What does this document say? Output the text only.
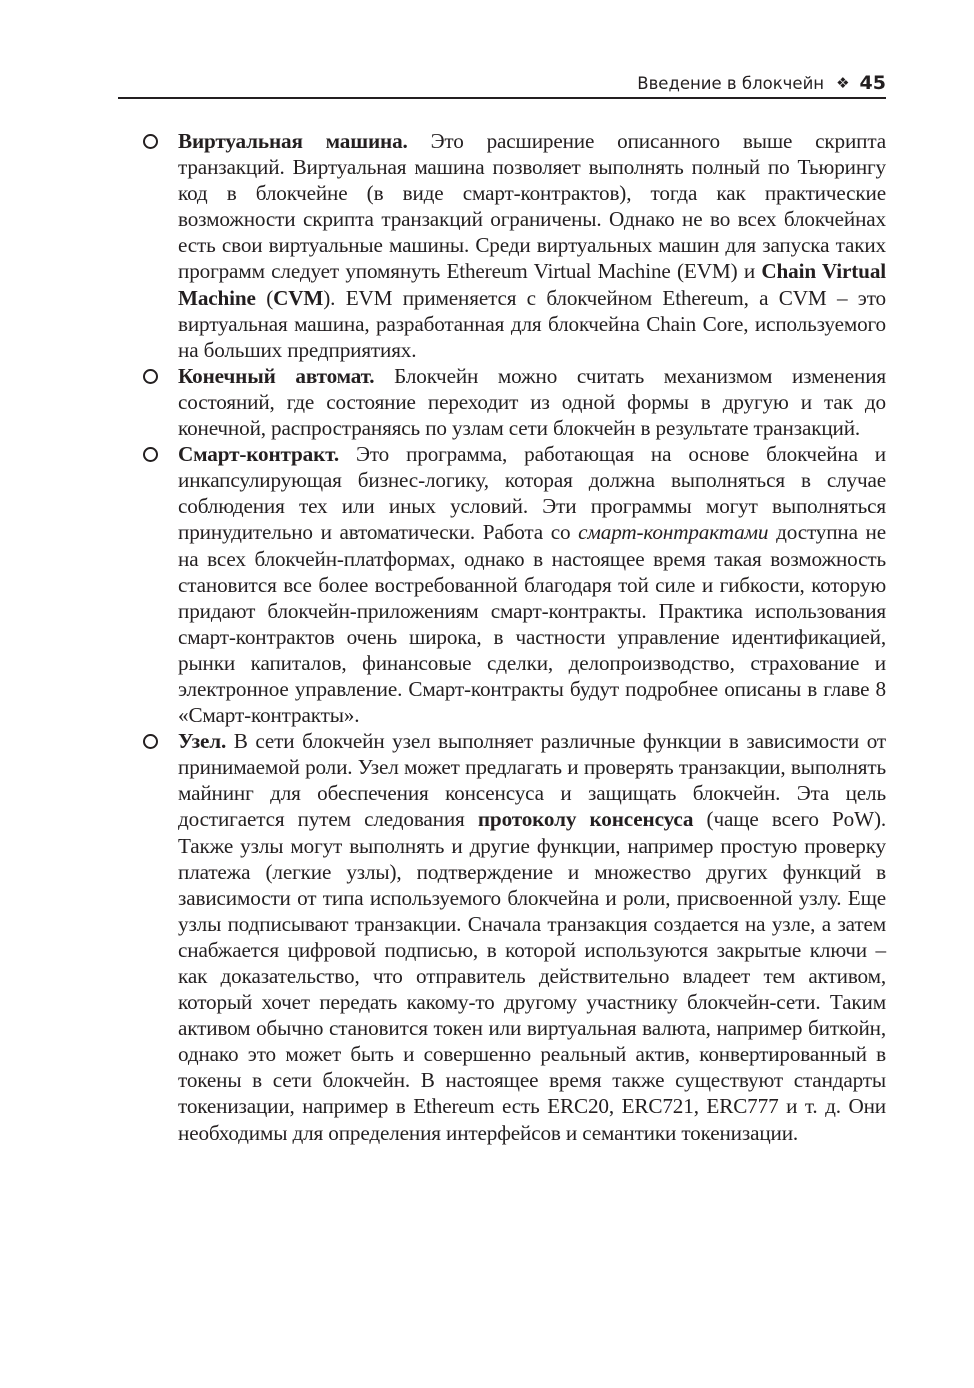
Введение в блокчейн ❖ 45

Виртуальная машина. Это расширение описанного выше скрипта транзакций. Виртуальная машина позволяет выполнять полный по Тьюрингу код в блокчейне (в виде смарт-контрактов), тогда как практические возможности скрипта транзакций ограничены. Однако не во всех блокчейнах есть свои виртуальные машины. Среди виртуальных машин для запуска таких программ следует упомянуть Ethereum Virtual Machine (EVM) и Chain Virtual Machine (CVM). EVM применяется с блокчейном Ethereum, а CVM – это виртуальная машина, разработанная для блокчейна Chain Core, используемого на больших предприятиях.

Конечный автомат. Блокчейн можно считать механизмом изменения состояний, где состояние переходит из одной формы в другую и так до конечной, распространяясь по узлам сети блокчейн в результате транзакций.

Смарт-контракт. Это программа, работающая на основе блокчейна и инкапсулирующая бизнес-логику, которая должна выполняться в случае соблюдения тех или иных условий. Эти программы могут выполняться принудительно и автоматически. Работа со смарт-контрактами доступна не на всех блокчейн-платформах, однако в настоящее время такая возможность становится все более востребованной благодаря той силе и гибкости, которую придают блокчейн-приложениям смарт-контракты. Практика использования смарт-контрактов очень широка, в частности управление идентификацией, рынки капиталов, финансовые сделки, делопроизводство, страхование и электронное управление. Смарт-контракты будут подробнее описаны в главе 8 «Смарт-контракты».

Узел. В сети блокчейн узел выполняет различные функции в зависимости от принимаемой роли. Узел может предлагать и проверять транзакции, выполнять майнинг для обеспечения консенсуса и защищать блокчейн. Эта цель достигается путем следования протоколу консенсуса (чаще всего PoW). Также узлы могут выполнять и другие функции, например простую проверку платежа (легкие узлы), подтверждение и множество других функций в зависимости от типа используемого блокчейна и роли, присвоенной узлу. Еще узлы подписывают транзакции. Сначала транзакция создается на узле, а затем снабжается цифровой подписью, в которой используются закрытые ключи – как доказательство, что отправитель действительно владеет тем активом, который хочет передать какому-то другому участнику блокчейн-сети. Таким активом обычно становится токен или виртуальная валюта, например биткойн, однако это может быть и совершенно реальный актив, конвертированный в токены в сети блокчейн. В настоящее время также существуют стандарты токенизации, например в Ethereum есть ERC20, ERC721, ERC777 и т. д. Они необходимы для определения интерфейсов и семантики токенизации.
